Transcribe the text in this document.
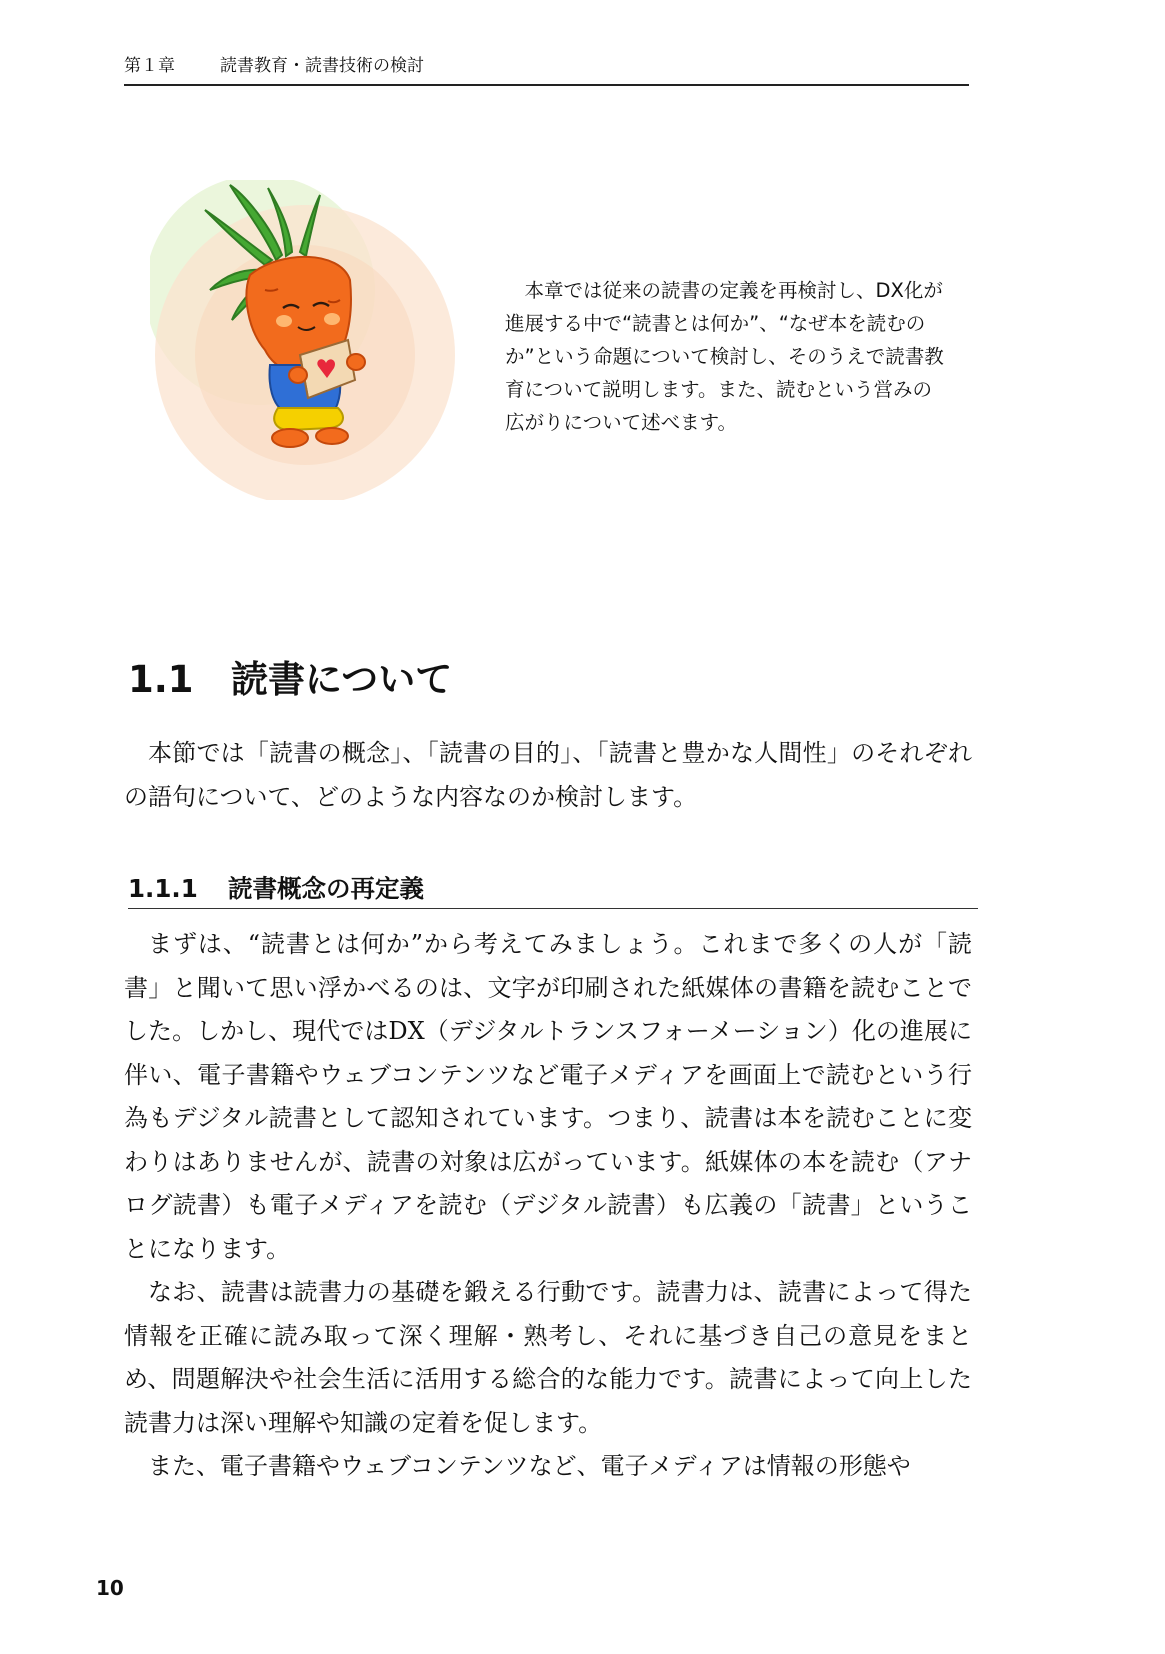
第１章	読書教育・読書技術の検討

本章では従来の読書の定義を再検討し、DX化が進展する中で“読書とは何か”、“なぜ本を読むのか”という命題について検討し、そのうえで読書教育について説明します。また、読むという営みの広がりについて述べます。

1.1 読書について

本節では「読書の概念」、「読書の目的」、「読書と豊かな人間性」のそれぞれの語句について、どのような内容なのか検討します。

1.1.1 読書概念の再定義

まずは、“読書とは何か”から考えてみましょう。これまで多くの人が「読書」と聞いて思い浮かべるのは、文字が印刷された紙媒体の書籍を読むことでした。しかし、現代ではDX（デジタルトランスフォーメーション）化の進展に伴い、電子書籍やウェブコンテンツなど電子メディアを画面上で読むという行為もデジタル読書として認知されています。つまり、読書は本を読むことに変わりはありませんが、読書の対象は広がっています。紙媒体の本を読む（アナログ読書）も電子メディアを読む（デジタル読書）も広義の「読書」ということになります。

なお、読書は読書力の基礎を鍛える行動です。読書力は、読書によって得た情報を正確に読み取って深く理解・熟考し、それに基づき自己の意見をまとめ、問題解決や社会生活に活用する総合的な能力です。読書によって向上した読書力は深い理解や知識の定着を促します。

また、電子書籍やウェブコンテンツなど、電子メディアは情報の形態や

10
